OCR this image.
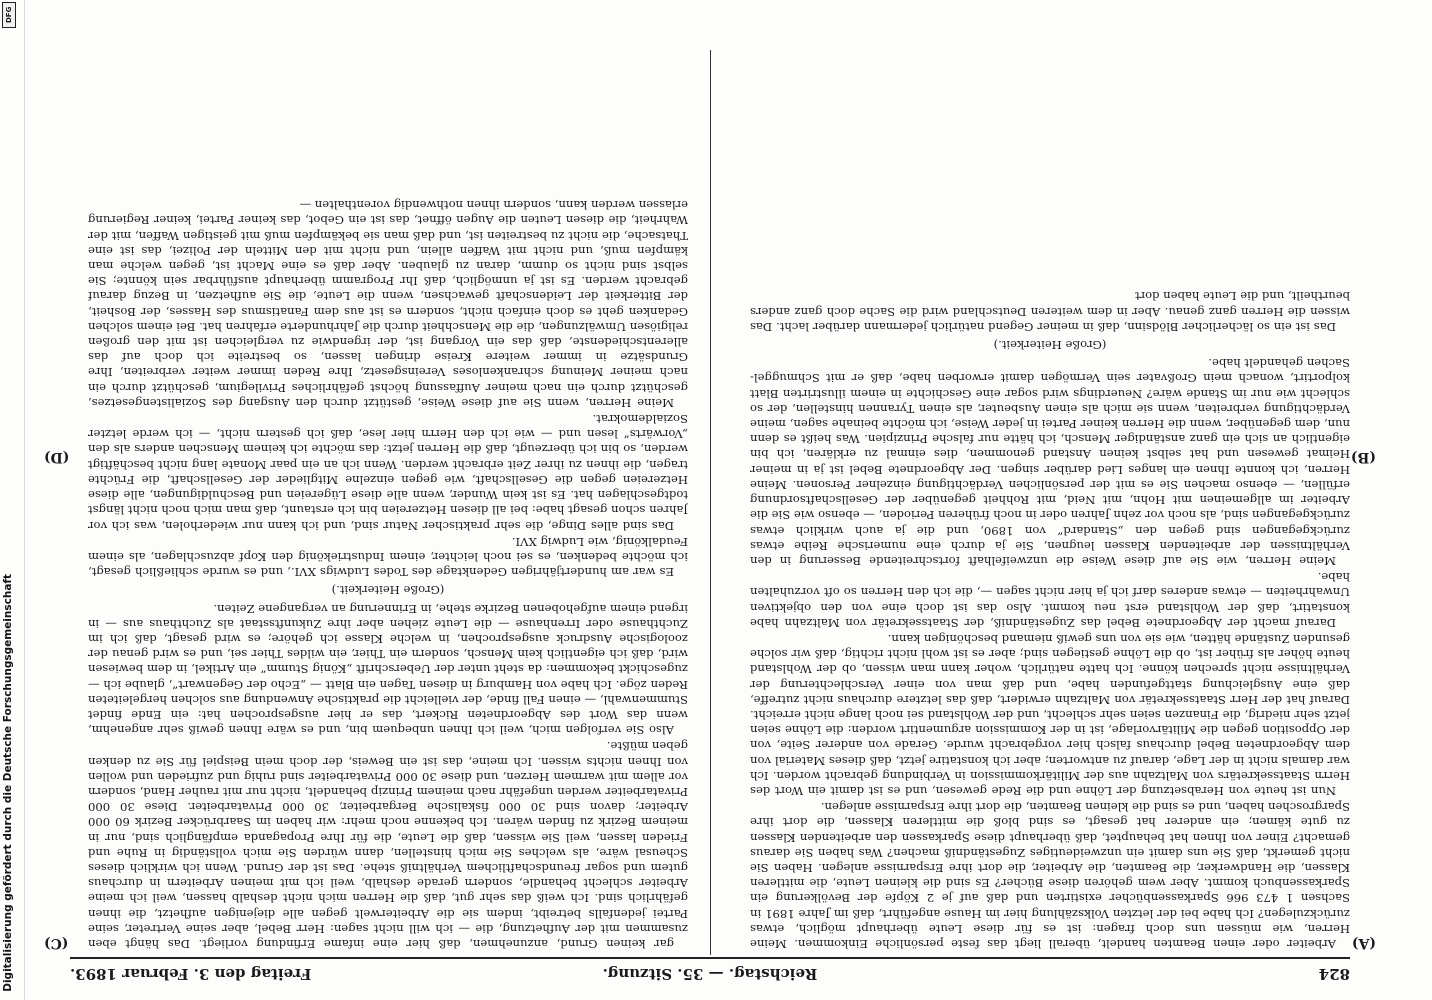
DFG
Digitalisierung gefördert durch die Deutsche Forschungsgemeinschaft	824
Reichstag. — 35. Sitzung.
Freitag den 3. Februar 1893.
(A)
(B)
(C)
(D)

Arbeiter oder einen Beamten handelt, überall liegt das feste persönliche Einkommen. Meine Herren, wie müssen uns doch fragen: ist es für diese Leute überhaupt möglich, etwas zurückzulegen? Ich habe bei der letzten Volkszählung hier im Hause angeführt, daß im Jahre 1891 in Sachsen 1 473 966 Sparkassenbücher existirten und daß auf je 2 Köpfe der Bevölkerung ein Sparkassenbuch kommt. Aber wem gehören diese Bücher? Es sind die kleinen Leute, die mittleren Klassen, die Handwerker, die Beamten, die Arbeiter, die dort ihre Ersparnisse anlegen. Haben Sie nicht gemerkt, daß Sie uns damit ein unzweideutiges Zugeständniß machen? Was haben Sie daraus gemacht? Einer von Ihnen hat behauptet, daß überhaupt diese Sparkassen den arbeitenden Klassen zu gute kämen; ein anderer hat gesagt, es sind bloß die mittleren Klassen, die dort ihre Spargroschen haben, und es sind die kleinen Beamten, die dort ihre Ersparnisse anlegen.

Nun ist heute von Herabsetzung der Löhne und die Rede gewesen, und es ist damit ein Wort des Herrn Staatssekretärs von Maltzahn aus der Militärkommission in Verbindung gebracht worden. Ich war damals nicht in der Lage, darauf zu antworten; aber ich konstatire jetzt, daß dieses Material von dem Abgeordneten Bebel durchaus falsch hier vorgebracht wurde. Gerade von anderer Seite, von der Opposition gegen die Militärvorlage, ist in der Kommission argumentirt worden: die Löhne seien jetzt sehr niedrig, die Finanzen seien sehr schlecht, und der Wohlstand sei noch lange nicht erreicht. Darauf hat der Herr Staatssekretär von Maltzahn erwidert, daß das letztere durchaus nicht zutreffe, daß eine Ausgleichung stattgefunden habe, und daß man von einer Verschlechterung der Verhältnisse nicht sprechen könne. Ich hatte natürlich, woher kann man wissen, ob der Wohlstand heute höher als früher ist, ob die Löhne gestiegen sind; aber es ist wohl nicht richtig, daß wir solche gesunden Zustände hätten, wie sie von uns gewiß niemand beschönigen kann.

Darauf macht der Abgeordnete Bebel das Zugeständniß, der Staatssekretär von Maltzahn habe konstatirt, daß der Wohlstand erst neu kommt. Also das ist doch eine von den objektiven Unwahrheiten — etwas anderes darf ich ja hier nicht sagen —, die ich den Herren so oft vorzuhalten habe.

Meine Herren, wie Sie auf diese Weise die unzweifelhaft fortschreitende Besserung in den Verhältnissen der arbeitenden Klassen leugnen, Sie ja durch eine numerische Reihe etwas zurückgegangen sind gegen den „Standard“ von 1890, und die ja auch wirklich etwas zurückgegangen sind, als noch vor zehn Jahren oder in noch früheren Perioden, — ebenso wie Sie die Arbeiter im allgemeinen mit Hohn, mit Neid, mit Rohheit gegenüber der Gesellschaftsordnung erfüllen, — ebenso machen Sie es mit der persönlichen Verdächtigung einzelner Personen. Meine Herren, ich konnte Ihnen ein langes Lied darüber singen. Der Abgeordnete Bebel ist ja in meiner Heimat gewesen und hat selbst keinen Anstand genommen, dies einmal zu erklären, ich bin eigentlich an sich ein ganz anständiger Mensch, ich hätte nur falsche Prinzipien. Was heißt es denn nun, dem gegenüber, wenn die Herren keiner Partei in jeder Weise, ich möchte beinahe sagen, meine Verdächtigung verbreiten, wenn sie mich als einen Ausbeuter, als einen Tyrannen hinstellen, der so schlecht wie nur im Stande wäre? Neuerdings wird sogar eine Geschichte in einem illustrirten Blatt kolportirt, wonach mein Großvater sein Vermögen damit erworben habe, daß er mit Schmuggel-Sachen gehandelt habe.

(Große Heiterkeit.)

Das ist ein so lächerlicher Blödsinn, daß in meiner Gegend natürlich jedermann darüber lacht. Das wissen die Herren ganz genau. Aber in dem weiteren Deutschland wird die Sache doch ganz anders beurtheilt, und die Leute haben dort

gar keinen Grund, anzunehmen, daß hier eine infame Erfindung vorliegt. Das hängt eben zusammen mit der Aufhetzung, die — ich will nicht sagen: Herr Bebel, aber seine Vertreter, seine Partei jedenfalls betreibt, indem sie die Arbeiterwelt gegen alle diejenigen aufhetzt, die ihnen gefährlich sind. Ich weiß das sehr gut, daß die Herren mich nicht deshalb hassen, weil ich meine Arbeiter schlecht behandle, sondern gerade deshalb, weil ich mit meinen Arbeitern in durchaus gutem und sogar freundschaftlichem Verhältniß stehe. Das ist der Grund. Wenn ich wirklich dieses Scheusal wäre, als welches Sie mich hinstellen, dann würden Sie mich vollständig in Ruhe und Frieden lassen, weil Sie wissen, daß die Leute, die für Ihre Propaganda empfänglich sind, nur in meinem Bezirk zu finden wären. Ich bekenne noch mehr: wir haben im Saarbrücker Bezirk 60 000 Arbeiter; davon sind 30 000 fiskalische Bergarbeiter, 30 000 Privatarbeiter. Diese 30 000 Privatarbeiter werden ungefähr nach meinem Prinzip behandelt, nicht nur mit rauher Hand, sondern vor allem mit warmem Herzen, und diese 30 000 Privatarbeiter sind ruhig und zufrieden und wollen von Ihnen nichts wissen. Ich meine, das ist ein Beweis, der doch mein Beispiel für Sie zu denken geben müßte.

Also Sie verfolgen mich, weil ich Ihnen unbequem bin, und es wäre Ihnen gewiß sehr angenehm, wenn das Wort des Abgeordneten Rickert, das er hier ausgesprochen hat: ein Ende findet Stummenwahl, — einen Fall finde, der vielleicht die praktische Anwendung aus solchen hergeleiteten Reden zöge. Ich habe von Hamburg in diesen Tagen ein Blatt — „Echo der Gegenwart“, glaube ich — zugeschickt bekommen: da steht unter der Ueberschrift „König Stumm“ ein Artikel, in dem bewiesen wird, daß ich eigentlich kein Mensch, sondern ein Thier, ein wildes Thier sei, und es wird genau der zoologische Ausdruck ausgesprochen, in welche Klasse ich gehöre; es wird gesagt, daß ich im Zuchthause oder Irrenhause — die Leute ziehen aber ihre Zukunftsstaat als Zuchthaus aus — in irgend einem aufgehobenen Bezirke stehe, in Erinnerung an vergangene Zeiten.

(Große Heiterkeit.)

Es war am hundertjährigen Gedenktage des Todes Ludwigs XVI., und es wurde schließlich gesagt, ich möchte bedenken, es sei noch leichter, einem Industriekönig den Kopf abzuschlagen, als einem Feudalkönig, wie Ludwig XVI.

Das sind alles Dinge, die sehr praktischer Natur sind, und ich kann nur wiederholen, was ich vor Jahren schon gesagt habe: bei all diesen Hetzereien bin ich erstaunt, daß man mich noch nicht längst todtgeschlagen hat. Es ist kein Wunder, wenn alle diese Lügereien und Beschuldigungen, alle diese Hetzereien gegen die Gesellschaft, wie gegen einzelne Mitglieder der Gesellschaft, die Früchte tragen, die ihnen zu ihrer Zeit erbracht werden. Wenn ich an ein paar Monate lang nicht beschäftigt werden, so bin ich überzeugt, daß die Herren jetzt: das möchte ich keinem Menschen anders als den „Vorwärts“ lesen und — wie ich den Herrn hier lese, daß ich gestern nicht, — ich werde letzter Sozialdemokrat.

Meine Herren, wenn Sie auf diese Weise, gestützt durch den Ausgang des Sozialistengesetzes, geschützt durch ein nach meiner Auffassung höchst gefährliches Privilegium, geschützt durch ein nach meiner Meinung schrankenloses Vereinsgesetz, Ihre Reden immer weiter verbreiten, Ihre Grundsätze in immer weitere Kreise dringen lassen, so bestreite ich doch auf das allerentschiedenste, daß das ein Vorgang ist, der irgendwie zu vergleichen ist mit den großen religiösen Umwälzungen, die die Menschheit durch die Jahrhunderte erfahren hat. Bei einem solchen Gedanken geht es doch einfach nicht, sondern es ist aus dem Fanatismus des Hasses, der Bosheit, der Bitterkeit der Leidenschaft gewachsen, wenn die Leute, die Sie aufhetzen, in Bezug darauf gebracht werden. Es ist ja unmöglich, daß Ihr Programm überhaupt ausführbar sein könnte; Sie selbst sind nicht so dumm, daran zu glauben. Aber daß es eine Macht ist, gegen welche man kämpfen muß, und nicht mit Waffen allein, und nicht mit den Mitteln der Polizei, das ist eine Thatsache, die nicht zu bestreiten ist, und daß man sie bekämpfen muß mit geistigen Waffen, mit der Wahrheit, die diesen Leuten die Augen öffnet, das ist ein Gebot, das keiner Partei, keiner Regierung erlassen werden kann, sondern ihnen nothwendig vorenthalten —
